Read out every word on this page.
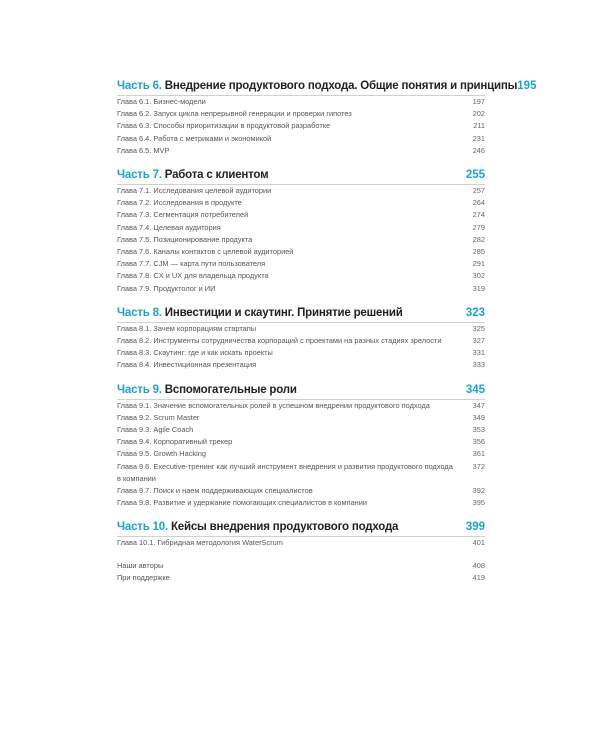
Часть 6. Внедрение продуктового подхода. Общие понятия и принципы 195
Глава 6.1. Бизнес-модели	197
Глава 6.2. Запуск цикла непрерывной генерации и проверки гипотез	202
Глава 6.3. Способы приоритизации в продуктовой разработке	211
Глава 6.4. Работа с метриками и экономикой	231
Глава 6.5. MVP	246
Часть 7. Работа с клиентом	255
Глава 7.1. Исследования целевой аудитории	257
Глава 7.2. Исследования в продукте	264
Глава 7.3. Сегментация потребителей	274
Глава 7.4. Целевая аудитория	279
Глава 7.5. Позиционирование продукта	282
Глава 7.6. Каналы контактов с целевой аудиторией	285
Глава 7.7. CJM — карта пути пользователя	291
Глава 7.8. CX и UX для владельца продукта	302
Глава 7.9. Продуктолог и ИИ	319
Часть 8. Инвестиции и скаутинг. Принятие решений	323
Глава 8.1. Зачем корпорациям стартапы	325
Глава 8.2. Инструменты сотрудничества корпораций с проектами на разных стадиях зрелости	327
Глава 8.3. Скаутинг: где и как искать проекты	331
Глава 8.4. Инвестиционная презентация	333
Часть 9. Вспомогательные роли	345
Глава 9.1. Значение вспомогательных ролей в успешном внедрении продуктового подхода	347
Глава 9.2. Scrum Master	349
Глава 9.3. Agile Coach	353
Глава 9.4. Корпоративный трекер	356
Глава 9.5. Growth Hacking	361
Глава 9.6. Executive-тренинг как лучший инструмент внедрения и развития продуктового подхода в компании
372
Глава 9.7. Поиск и наем поддерживающих специалистов	392
Глава 9.8. Развитие и удержание помогающих специалистов в компании	395
Часть 10. Кейсы внедрения продуктового подхода	399
Глава 10.1. Гибридная методология WaterScrum	401
Наши авторы	408
При поддержке	419
